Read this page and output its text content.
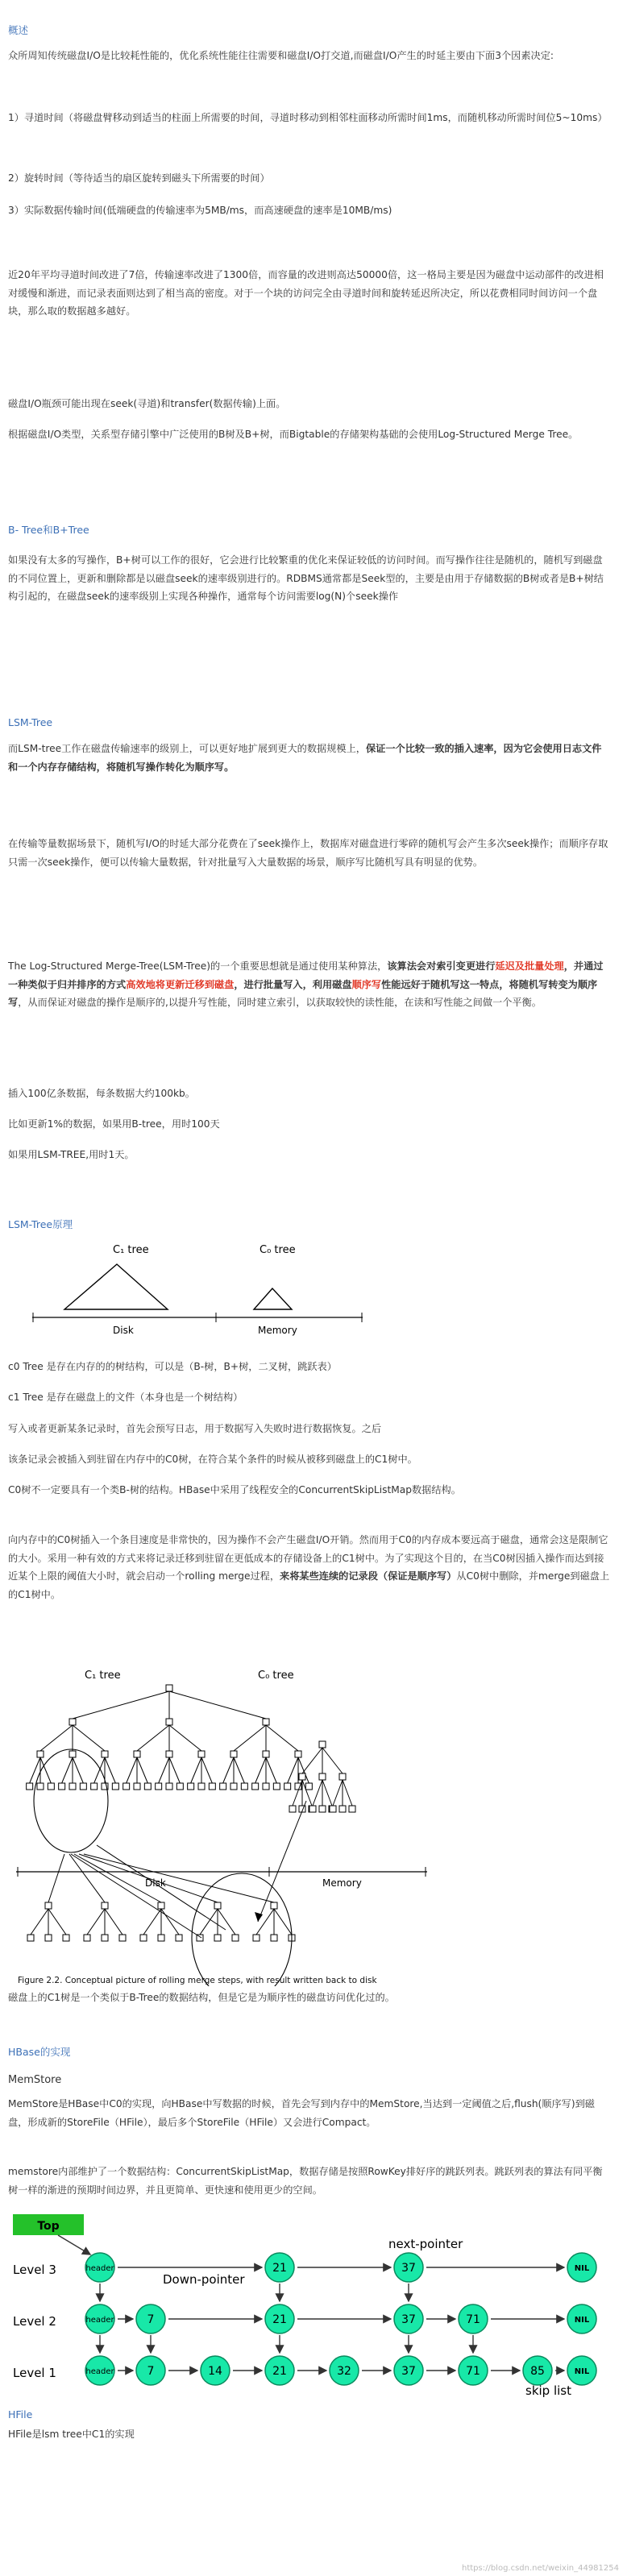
概述
众所周知传统磁盘I/O是比较耗性能的，优化系统性能往往需要和磁盘I/O打交道,而磁盘I/O产生的时延主要由下面3个因素决定:
1）寻道时间（将磁盘臂移动到适当的柱面上所需要的时间，寻道时移动到相邻柱面移动所需时间1ms，而随机移动所需时间位5~10ms）
2）旋转时间（等待适当的扇区旋转到磁头下所需要的时间）
3）实际数据传输时间(低端硬盘的传输速率为5MB/ms，而高速硬盘的速率是10MB/ms)
近20年平均寻道时间改进了7倍，传输速率改进了1300倍，而容量的改进则高达50000倍，这一格局主要是因为磁盘中运动部件的改进相对缓慢和渐进，而记录表面则达到了相当高的密度。对于一个块的访问完全由寻道时间和旋转延迟所决定，所以花费相同时间访问一个盘块，那么取的数据越多越好。
磁盘I/O瓶颈可能出现在seek(寻道)和transfer(数据传输)上面。
根据磁盘I/O类型，关系型存储引擎中广泛使用的B树及B+树，而Bigtable的存储架构基础的会使用Log-Structured Merge Tree。
B- Tree和B+Tree
如果没有太多的写操作，B+树可以工作的很好，它会进行比较繁重的优化来保证较低的访问时间。而写操作往往是随机的，随机写到磁盘的不同位置上，更新和删除都是以磁盘seek的速率级别进行的。RDBMS通常都是Seek型的，主要是由用于存储数据的B树或者是B+树结构引起的，在磁盘seek的速率级别上实现各种操作，通常每个访问需要log(N)个seek操作
LSM-Tree
而LSM-tree工作在磁盘传输速率的级别上，可以更好地扩展到更大的数据规模上，保证一个比较一致的插入速率，因为它会使用日志文件和一个内存存储结构，将随机写操作转化为顺序写。
在传输等量数据场景下，随机写I/O的时延大部分花费在了seek操作上，数据库对磁盘进行零碎的随机写会产生多次seek操作；而顺序存取只需一次seek操作，便可以传输大量数据，针对批量写入大量数据的场景，顺序写比随机写具有明显的优势。
The Log-Structured Merge-Tree(LSM-Tree)的一个重要思想就是通过使用某种算法，该算法会对索引变更进行延迟及批量处理，并通过一种类似于归并排序的方式高效地将更新迁移到磁盘，进行批量写入，利用磁盘顺序写性能远好于随机写这一特点，将随机写转变为顺序写，从而保证对磁盘的操作是顺序的,以提升写性能，同时建立索引，以获取较快的读性能，在读和写性能之间做一个平衡。
插入100亿条数据，每条数据大约100kb。
比如更新1%的数据，如果用B-tree，用时100天
如果用LSM-TREE,用时1天。
LSM-Tree原理
C₁ tree	C₀ tree
Disk	Memory
c0 Tree 是存在内存的的树结构，可以是（B-树，B+树，二叉树，跳跃表）
c1 Tree 是存在磁盘上的文件（本身也是一个树结构）
写入或者更新某条记录时，首先会预写日志，用于数据写入失败时进行数据恢复。之后
该条记录会被插入到驻留在内存中的C0树，在符合某个条件的时候从被移到磁盘上的C1树中。
C0树不一定要具有一个类B-树的结构。HBase中采用了线程安全的ConcurrentSkipListMap数据结构。
向内存中的C0树插入一个条目速度是非常快的，因为操作不会产生磁盘I/O开销。然而用于C0的内存成本要远高于磁盘，通常会这是限制它的大小。采用一种有效的方式来将记录迁移到驻留在更低成本的存储设备上的C1树中。为了实现这个目的，在当C0树因插入操作而达到接近某个上限的阈值大小时，就会启动一个rolling merge过程，来将某些连续的记录段（保证是顺序写）从C0树中删除，并merge到磁盘上的C1树中。
C₁ tree	C₀ tree
Disk	Memory
Figure 2.2. Conceptual picture of rolling merge steps, with result written back to disk
磁盘上的C1树是一个类似于B-Tree的数据结构，但是它是为顺序性的磁盘访问优化过的。
HBase的实现
MemStore
MemStore是HBase中C0的实现，向HBase中写数据的时候，首先会写到内存中的MemStore,当达到一定阈值之后,flush(顺序写)到磁盘，形成新的StoreFile（HFile），最后多个StoreFile（HFile）又会进行Compact。
memstore内部维护了一个数据结构：ConcurrentSkipListMap，数据存储是按照RowKey排好序的跳跃列表。跳跃列表的算法有同平衡树一样的渐进的预期时间边界，并且更简单、更快速和使用更少的空间。
Top
Down-pointer
next-pointer
Level 3
Level 2
Level 1
header	21	37	NIL
header	7	21	37	71	NIL
header	7	14	21	32	37	71	85	NIL
skip list
HFile
HFile是lsm tree中C1的实现
https://blog.csdn.net/weixin_44981254
